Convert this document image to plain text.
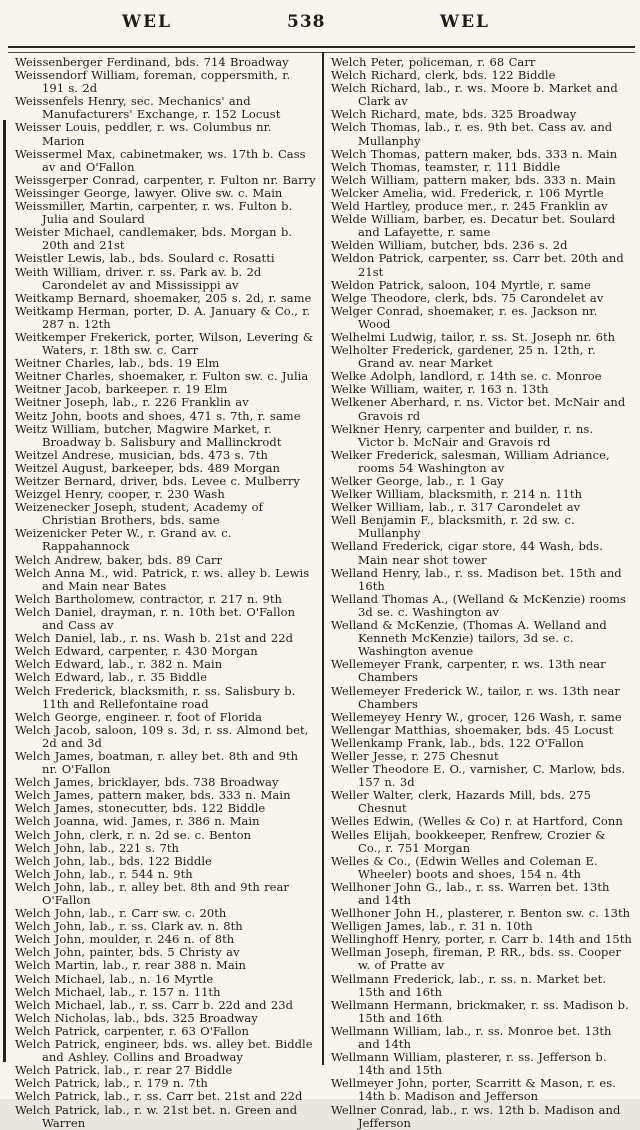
WEL	538	WEL
Weissenberger Ferdinand, bds. 714 Broadway
Weissendorf William, foreman, coppersmith, r. 191 s. 2d
Weissenfels Henry, sec. Mechanics' and Manufacturers' Exchange, r. 152 Locust
Weisser Louis, peddler, r. ws. Columbus nr. Marion
Weissermel Max, cabinetmaker, ws. 17th b. Cass av and O'Fallon
Weissgerper Conrad, carpenter, r. Fulton nr. Barry
Weissinger George, lawyer. Olive sw. c. Main
Weissmiller, Martin, carpenter, r. ws. Fulton b. Julia and Soulard
Weister Michael, candlemaker, bds. Morgan b. 20th and 21st
Weistler Lewis, lab., bds. Soulard c. Rosatti
Weith William, driver. r. ss. Park av. b. 2d Carondelet av and Mississippi av
Weitkamp Bernard, shoemaker, 205 s. 2d, r. same
Weitkamp Herman, porter, D. A. January & Co., r. 287 n. 12th
Weitkemper Frekerick, porter, Wilson, Levering & Waters, r. 18th sw. c. Carr
Weitner Charles, lab., bds. 19 Elm
Weitner Charles, shoemaker, r. Fulton sw. c. Julia
Weitner Jacob, barkeeper. r. 19 Elm
Weitner Joseph, lab., r. 226 Franklin av
Weitz John, boots and shoes, 471 s. 7th, r. same
Weitz William, butcher, Magwire Market, r. Broadway b. Salisbury and Mallinckrodt
Weitzel Andrese, musician, bds. 473 s. 7th
Weitzel August, barkeeper, bds. 489 Morgan
Weitzer Bernard, driver, bds. Levee c. Mulberry
Weizgel Henry, cooper, r. 230 Wash
Weizenecker Joseph, student, Academy of Christian Brothers, bds. same
Weizenicker Peter W., r. Grand av. c. Rappahannock
Welch Andrew, baker, bds. 89 Carr
Welch Anna M., wid. Patrick, r. ws. alley b. Lewis and Main near Bates
Welch Bartholomew, contractor, r. 217 n. 9th
Welch Daniel, drayman, r. n. 10th bet. O'Fallon and Cass av
Welch Daniel, lab., r. ns. Wash b. 21st and 22d
Welch Edward, carpenter, r. 430 Morgan
Welch Edward, lab., r. 382 n. Main
Welch Edward, lab., r. 35 Biddle
Welch Frederick, blacksmith, r. ss. Salisbury b. 11th and Rellefontaine road
Welch George, engineer. r. foot of Florida
Welch Jacob, saloon, 109 s. 3d, r. ss. Almond bet, 2d and 3d
Welch James, boatman, r. alley bet. 8th and 9th nr. O'Fallon
Welch James, bricklayer, bds. 738 Broadway
Welch James, pattern maker, bds. 333 n. Main
Welch James, stonecutter, bds. 122 Biddle
Welch Joanna, wid. James, r. 386 n. Main
Welch John, clerk, r. n. 2d se. c. Benton
Welch John, lab., 221 s. 7th
Welch John, lab., bds. 122 Biddle
Welch John, lab., r. 544 n. 9th
Welch John, lab., r. alley bet. 8th and 9th rear O'Fallon
Welch John, lab., r. Carr sw. c. 20th
Welch John, lab., r. ss. Clark av. n. 8th
Welch John, moulder, r. 246 n. of 8th
Welch John, painter, bds. 5 Christy av
Welch Martin, lab., r. rear 388 n. Main
Welch Michael, lab., n. 16 Myrtle
Welch Michael, lab., r. 157 n. 11th
Welch Michael, lab., r. ss. Carr b. 22d and 23d
Welch Nicholas, lab., bds. 325 Broadway
Welch Patrick, carpenter, r. 63 O'Fallon
Welch Patrick, engineer, bds. ws. alley bet. Biddle and Ashley. Collins and Broadway
Welch Patrick. lab., r. rear 27 Biddle
Welch Patrick, lab., r. 179 n. 7th
Welch Patrick, lab., r. ss. Carr bet. 21st and 22d
Welch Patrick, lab., r. w. 21st bet. n. Green and Warren
Welch Peter, policeman, r. 68 Carr
Welch Richard, clerk, bds. 122 Biddle
Welch Richard, lab., r. ws. Moore b. Market and Clark av
Welch Richard, mate, bds. 325 Broadway
Welch Thomas, lab., r. es. 9th bet. Cass av. and Mullanphy
Welch Thomas, pattern maker, bds. 333 n. Main
Welch Thomas, teamster, r. 111 Biddle
Welch William, pattern maker, bds. 333 n. Main
Welcker Amelia, wid. Frederick, r. 106 Myrtle
Weld Hartley, produce mer., r. 245 Franklin av
Welde William, barber, es. Decatur bet. Soulard and Lafayette, r. same
Welden William, butcher, bds. 236 s. 2d
Weldon Patrick, carpenter, ss. Carr bet. 20th and 21st
Weldon Patrick, saloon, 104 Myrtle, r. same
Welge Theodore, clerk, bds. 75 Carondelet av
Welger Conrad, shoemaker, r. es. Jackson nr. Wood
Welhelmi Ludwig, tailor, r. ss. St. Joseph nr. 6th
Welholter Frederick, gardener, 25 n. 12th, r. Grand av. near Market
Welke Adolph, landlord, r. 14th se. c. Monroe
Welke William, waiter, r. 163 n. 13th
Welkener Aberhard, r. ns. Victor bet. McNair and Gravois rd
Welkner Henry, carpenter and builder, r. ns. Victor b. McNair and Gravois rd
Welker Frederick, salesman, William Adriance, rooms 54 Washington av
Welker George, lab., r. 1 Gay
Welker William, blacksmith, r. 214 n. 11th
Welker William, lab., r. 317 Carondelet av
Well Benjamin F., blacksmith, r. 2d sw. c. Mullanphy
Welland Frederick, cigar store, 44 Wash, bds. Main near shot tower
Welland Henry, lab., r. ss. Madison bet. 15th and 16th
Welland Thomas A., (Welland & McKenzie) rooms 3d se. c. Washington av
Welland & McKenzie, (Thomas A. Welland and Kenneth McKenzie) tailors, 3d se. c. Washington avenue
Wellemeyer Frank, carpenter, r. ws. 13th near Chambers
Wellemeyer Frederick W., tailor, r. ws. 13th near Chambers
Wellemeyey Henry W., grocer, 126 Wash, r. same
Wellengar Matthias, shoemaker, bds. 45 Locust
Wellenkamp Frank, lab., bds. 122 O'Fallon
Weller Jesse, r. 275 Chesnut
Weller Theodore E. O., varnisher, C. Marlow, bds. 157 n. 3d
Weller Walter, clerk, Hazards Mill, bds. 275 Chesnut
Welles Edwin, (Welles & Co) r. at Hartford, Conn
Welles Elijah, bookkeeper, Renfrew, Crozier & Co., r. 751 Morgan
Welles & Co., (Edwin Welles and Coleman E. Wheeler) boots and shoes, 154 n. 4th
Wellhoner John G., lab., r. ss. Warren bet. 13th and 14th
Wellhoner John H., plasterer, r. Benton sw. c. 13th
Welligen James, lab., r. 31 n. 10th
Wellinghoff Henry, porter, r. Carr b. 14th and 15th
Wellman Joseph, fireman, P. RR., bds. ss. Cooper w. of Pratte av
Wellmann Frederick, lab., r. ss. n. Market bet. 15th and 16th
Wellmann Hermann, brickmaker, r. ss. Madison b. 15th and 16th
Wellmann William, lab., r. ss. Monroe bet. 13th and 14th
Wellmann William, plasterer, r. ss. Jefferson b. 14th and 15th
Wellmeyer John, porter, Scarritt & Mason, r. es. 14th b. Madison and Jefferson
Wellner Conrad, lab., r. ws. 12th b. Madison and Jefferson
